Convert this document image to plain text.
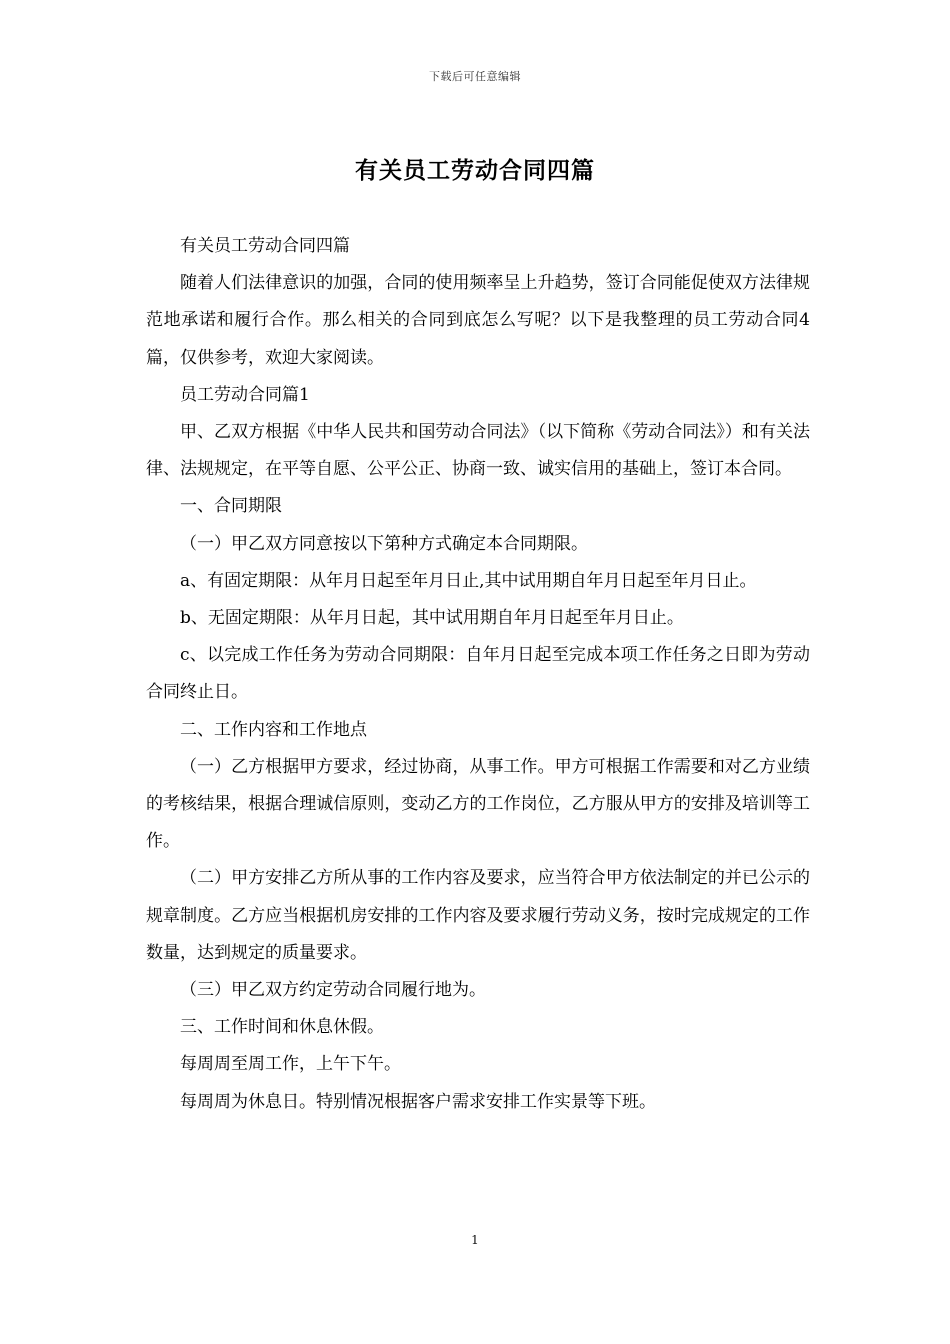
下载后可任意编辑
有关员工劳动合同四篇

有关员工劳动合同四篇

随着人们法律意识的加强，合同的使用频率呈上升趋势，签订合同能促使双方法律规范地承诺和履行合作。那么相关的合同到底怎么写呢？以下是我整理的员工劳动合同4篇，仅供参考，欢迎大家阅读。

员工劳动合同篇1

甲、乙双方根据《中华人民共和国劳动合同法》（以下简称《劳动合同法》）和有关法律、法规规定，在平等自愿、公平公正、协商一致、诚实信用的基础上，签订本合同。

一、合同期限

（一）甲乙双方同意按以下第种方式确定本合同期限。

a、有固定期限：从年月日起至年月日止,其中试用期自年月日起至年月日止。

b、无固定期限：从年月日起，其中试用期自年月日起至年月日止。

c、以完成工作任务为劳动合同期限：自年月日起至完成本项工作任务之日即为劳动合同终止日。

二、工作内容和工作地点

（一）乙方根据甲方要求，经过协商，从事工作。甲方可根据工作需要和对乙方业绩的考核结果，根据合理诚信原则，变动乙方的工作岗位，乙方服从甲方的安排及培训等工作。

（二）甲方安排乙方所从事的工作内容及要求，应当符合甲方依法制定的并已公示的规章制度。乙方应当根据机房安排的工作内容及要求履行劳动义务，按时完成规定的工作数量，达到规定的质量要求。

（三）甲乙双方约定劳动合同履行地为。

三、工作时间和休息休假。

每周周至周工作，上午下午。

每周周为休息日。特别情况根据客户需求安排工作实景等下班。

1
